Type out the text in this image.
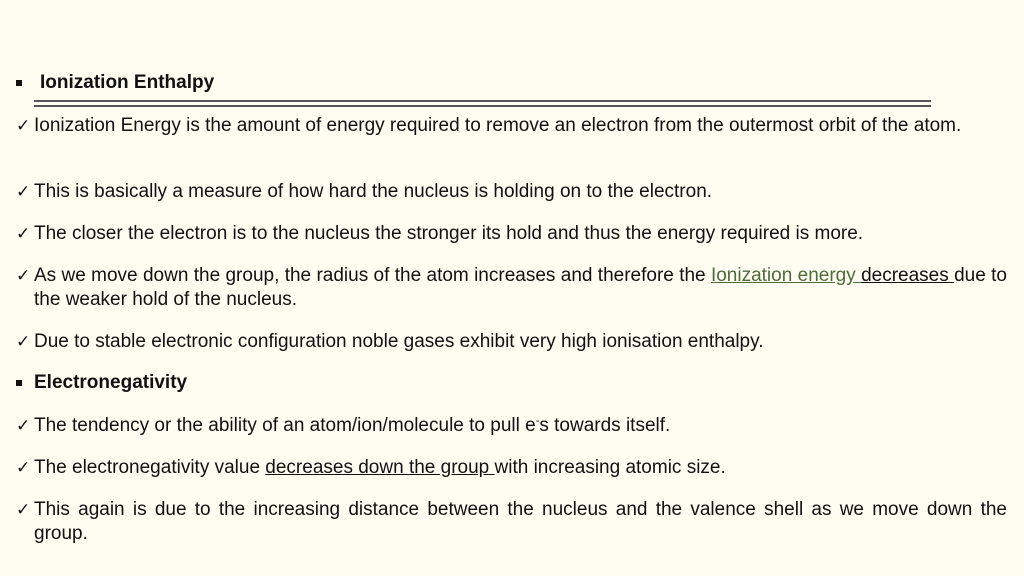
Ionization Enthalpy
✓ Ionization Energy is the amount of energy required to remove an electron from the outermost orbit of the atom.
✓ This is basically a measure of how hard the nucleus is holding on to the electron.
✓ The closer the electron is to the nucleus the stronger its hold and thus the energy required is more.
✓ As we move down the group, the radius of the atom increases and therefore the Ionization energy decreases due to the weaker hold of the nucleus.
✓ Due to stable electronic configuration noble gases exhibit very high ionisation enthalpy.
Electronegativity
✓ The tendency or the ability of an atom/ion/molecule to pull e-s towards itself.
✓ The electronegativity value decreases down the group with increasing atomic size.
✓ This again is due to the increasing distance between the nucleus and the valence shell as we move down the group.
